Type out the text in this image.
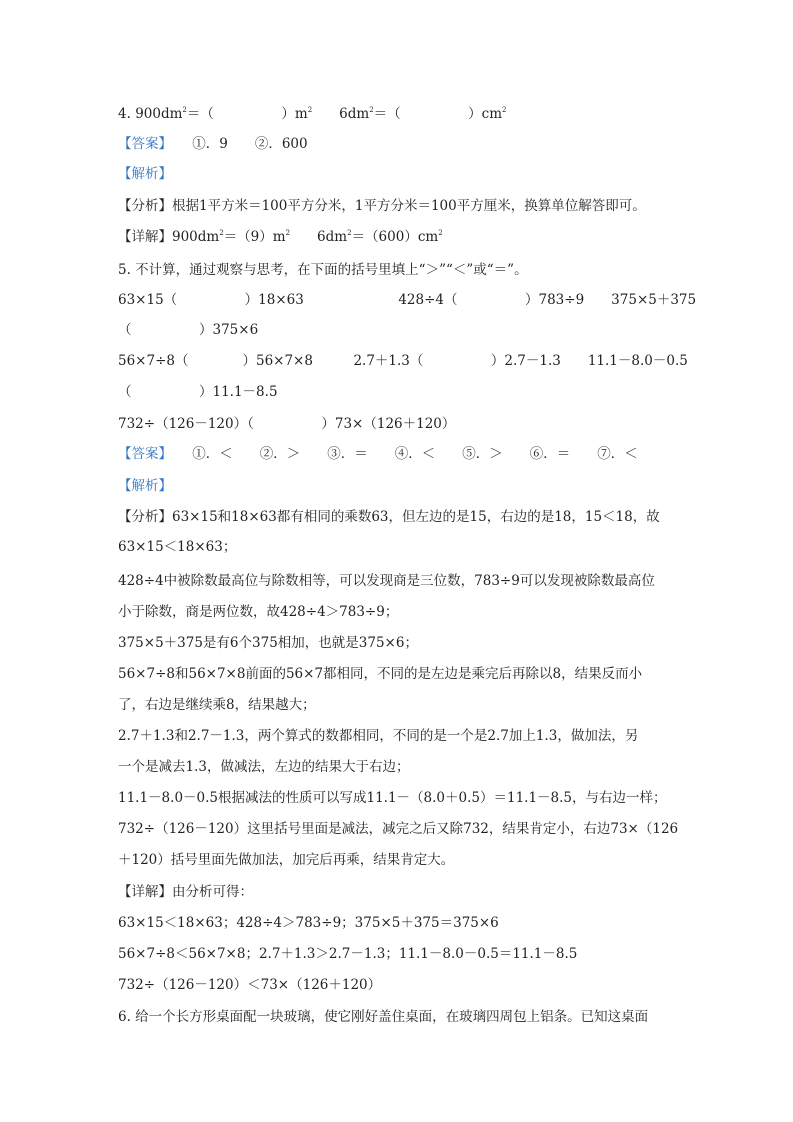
4. $900dm^2=$（　　　　　）$m^2$　　$6dm^2=$（　　　　　）$cm^2$
【答案】　　①．9　　②．600
【解析】
【分析】根据1平方米＝100平方分米，1平方分米＝100平方厘米，换算单位解答即可。
【详解】$900dm^2=(9)m^2$　　$6dm^2=(600)cm^2$
5. 不计算，通过观察与思考，在下面的括号里填上“＞”“＜”或“＝”。
63×15（　　　　　）18×63　　　　　　　428÷4（　　　　　）783÷9　　375×5＋375
（　　　　　）375×6
56×7÷8（　　　　）56×7×8　　　2.7＋1.3（　　　　　）2.7－1.3　　11.1－8.0－0.5
（　　　　　）11.1－8.5
732÷（126－120）（　　　　　）73×（126＋120）
【答案】　　①．＜　　②．＞　　③．＝　　④．＜　　⑤．＞　　⑥．＝　　⑦．＜
【解析】
【分析】63×15和18×63都有相同的乘数63，但左边的是15，右边的是18，15＜18，故
63×15＜18×63；
428÷4中被除数最高位与除数相等，可以发现商是三位数，783÷9可以发现被除数最高位
小于除数，商是两位数，故428÷4＞783÷9；
375×5＋375是有6个375相加，也就是375×6；
56×7÷8和56×7×8前面的56×7都相同，不同的是左边是乘完后再除以8，结果反而小
了，右边是继续乘8，结果越大；
2.7＋1.3和2.7－1.3，两个算式的数都相同，不同的是一个是2.7加上1.3，做加法，另
一个是减去1.3，做减法，左边的结果大于右边；
11.1－8.0－0.5根据减法的性质可以写成11.1－（8.0＋0.5）＝11.1－8.5，与右边一样；
732÷（126－120）这里括号里面是减法，减完之后又除732，结果肯定小，右边73×（126
＋120）括号里面先做加法，加完后再乘，结果肯定大。
【详解】由分析可得：
63×15＜18×63；428÷4＞783÷9；375×5＋375＝375×6
56×7÷8＜56×7×8；2.7＋1.3＞2.7－1.3；11.1－8.0－0.5＝11.1－8.5
732÷（126－120）＜73×（126＋120）
6. 给一个长方形桌面配一块玻璃，使它刚好盖住桌面，在玻璃四周包上铝条。已知这桌面
